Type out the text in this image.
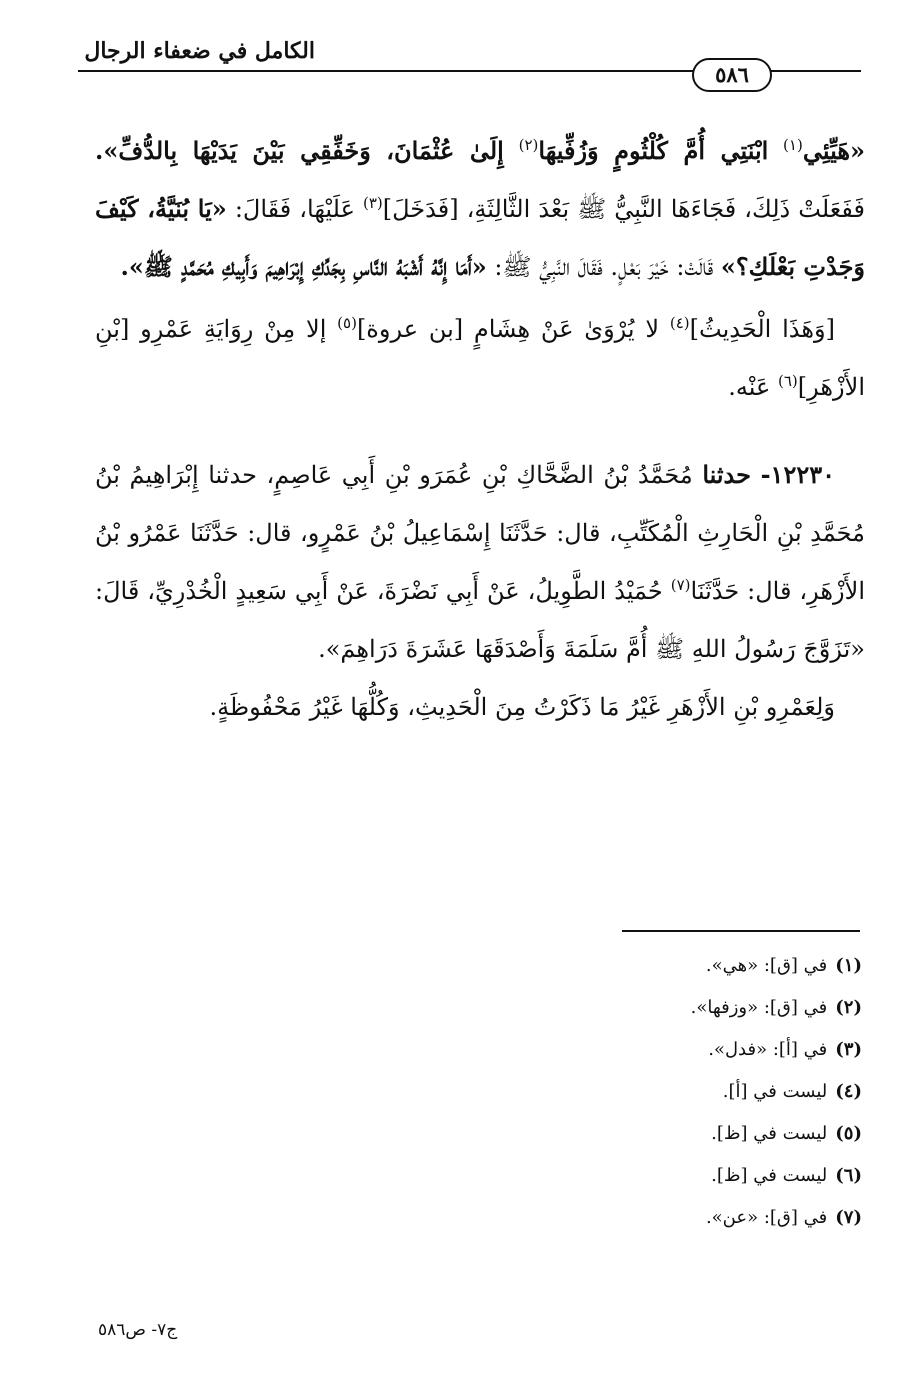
الكامل في ضعفاء الرجال
٥٨٦

«هَيِّئِي$^{(١)}$ ابْنَتِي أُمَّ كُلْثُومٍ وَزُفِّيهَا$^{(٢)}$ إِلَىٰ عُثْمَانَ، وَخَفِّقِي بَيْنَ يَدَيْهَا بِالدُّفِّ». فَفَعَلَتْ ذَلِكَ، فَجَاءَهَا النَّبِيُّ ﷺ بَعْدَ الثَّالِثَةِ، [فَدَخَلَ]$^{(٣)}$ عَلَيْهَا، فَقَالَ: «يَا بُنَيَّةُ، كَيْفَ وَجَدْتِ بَعْلَكِ؟» قَالَتْ: خَيْرَ بَعْلٍ. فَقَالَ النَّبِيُّ ﷺ: «أَمَا إِنَّهُ أَشْبَهُ النَّاسِ بِجَدِّكِ إِبْرَاهِيمَ وَأَبِيكِ مُحَمَّدٍ ﷺ».

[وَهَذَا الْحَدِيثُ]$^{(٤)}$ لا يُرْوَىٰ عَنْ هِشَامٍ [بن عروة]$^{(٥)}$ إلا مِنْ رِوَايَةِ عَمْرِو [بْنِ الأَزْهَرِ]$^{(٦)}$ عَنْه.

١٢٢٣٠- حدثنا مُحَمَّدُ بْنُ الضَّحَّاكِ بْنِ عُمَرَو بْنِ أَبِي عَاصِمٍ، حدثنا إِبْرَاهِيمُ بْنُ مُحَمَّدِ بْنِ الْحَارِثِ الْمُكَتِّبِ، قال: حَدَّثَنَا إِسْمَاعِيلُ بْنُ عَمْرٍو، قال: حَدَّثَنَا عَمْرُو بْنُ الأَزْهَرِ، قال: حَدَّثَنَا$^{(٧)}$ حُمَيْدُ الطَّوِيلُ، عَنْ أَبِي نَضْرَةَ، عَنْ أَبِي سَعِيدٍ الْخُدْرِيِّ، قَالَ: «تَزَوَّجَ رَسُولُ اللهِ ﷺ أُمَّ سَلَمَةَ وَأَصْدَقَهَا عَشَرَةَ دَرَاهِمَ».

وَلِعَمْرِو بْنِ الأَزْهَرِ غَيْرُ مَا ذَكَرْتُ مِنَ الْحَدِيثِ، وَكُلُّهَا غَيْرُ مَحْفُوظَةٍ.

(١)في [ق]: «هي».

(٢)في [ق]: «وزفها».

(٣)في [أ]: «فدل».

(٤)ليست في [أ].

(٥)ليست في [ظ].

(٦)ليست في [ظ].

(٧)في [ق]: «عن».

ج٧- ص٥٨٦
